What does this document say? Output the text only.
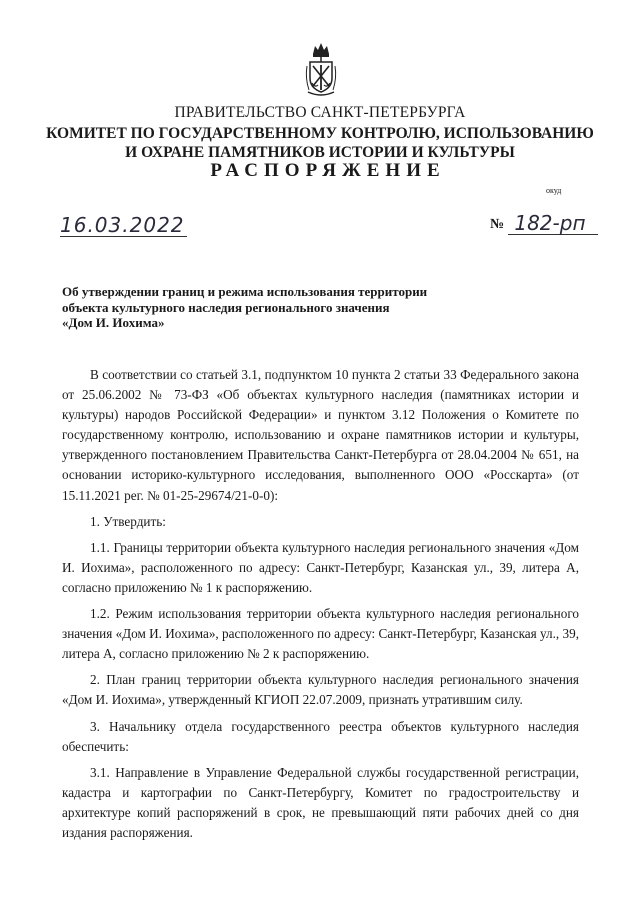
ПРАВИТЕЛЬСТВО САНКТ-ПЕТЕРБУРГА
КОМИТЕТ ПО ГОСУДАРСТВЕННОМУ КОНТРОЛЮ, ИСПОЛЬЗОВАНИЮ
И ОХРАНЕ ПАМЯТНИКОВ ИСТОРИИ И КУЛЬТУРЫ
РАСПОРЯЖЕНИЕ
окуд
16.03.2022	№ 182-рп
Об утверждении границ и режима использования территории
объекта культурного наследия регионального значения
«Дом И. Иохима»

В соответствии со статьей 3.1, подпунктом 10 пункта 2 статьи 33 Федерального закона от 25.06.2002 № 73-ФЗ «Об объектах культурного наследия (памятниках истории и культуры) народов Российской Федерации» и пунктом 3.12 Положения о Комитете по государственному контролю, использованию и охране памятников истории и культуры, утвержденного постановлением Правительства Санкт-Петербурга от 28.04.2004 № 651, на основании историко-культурного исследования, выполненного ООО «Росскарта» (от 15.11.2021 рег. № 01-25-29674/21-0-0):

1. Утвердить:

1.1. Границы территории объекта культурного наследия регионального значения «Дом И. Иохима», расположенного по адресу: Санкт-Петербург, Казанская ул., 39, литера А, согласно приложению № 1 к распоряжению.

1.2. Режим использования территории объекта культурного наследия регионального значения «Дом И. Иохима», расположенного по адресу: Санкт-Петербург, Казанская ул., 39, литера А, согласно приложению № 2 к распоряжению.

2. План границ территории объекта культурного наследия регионального значения «Дом И. Иохима», утвержденный КГИОП 22.07.2009, признать утратившим силу.

3. Начальнику отдела государственного реестра объектов культурного наследия обеспечить:

3.1. Направление в Управление Федеральной службы государственной регистрации, кадастра и картографии по Санкт-Петербургу, Комитет по градостроительству и архитектуре копий распоряжений в срок, не превышающий пяти рабочих дней со дня издания распоряжения.
